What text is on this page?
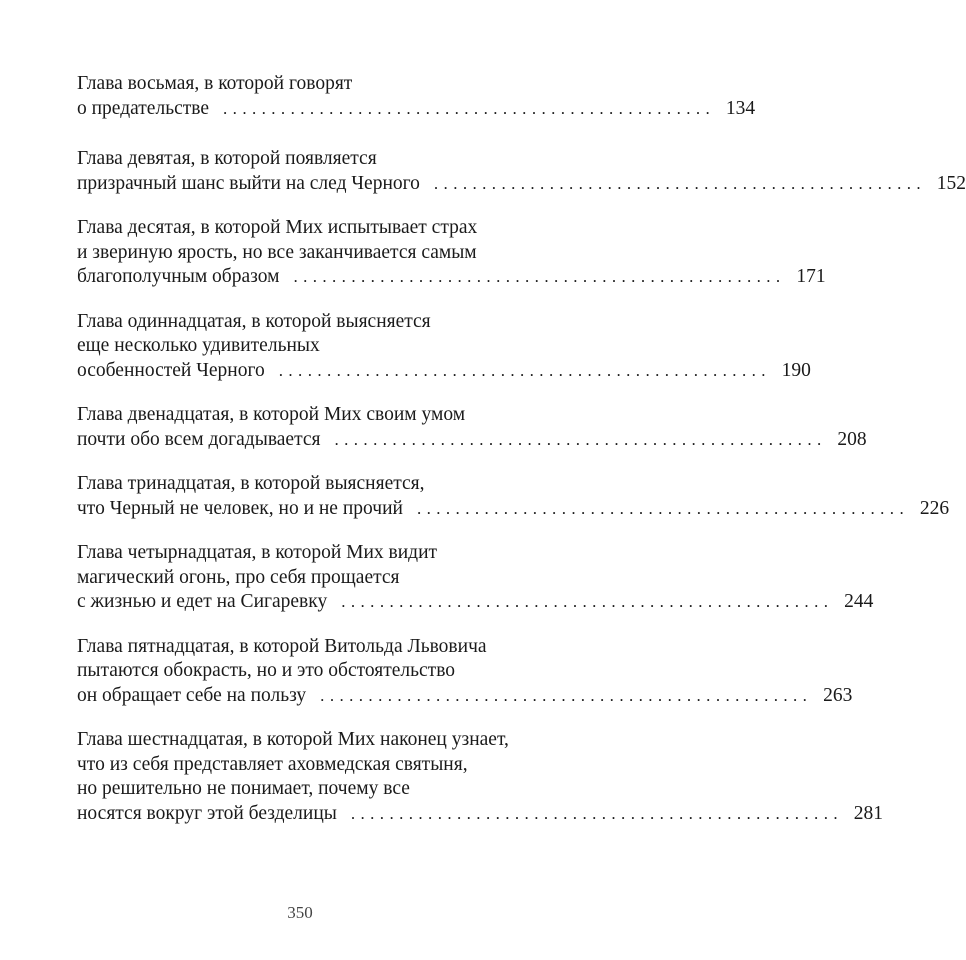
Глава восьмая, в которой говорят
о предательстве ................................................... 134
Глава девятая, в которой появляется
призрачный шанс выйти на след Черного ................................................... 152
Глава десятая, в которой Мих испытывает страх
и звериную ярость, но все заканчивается самым
благополучным образом ................................................... 171
Глава одиннадцатая, в которой выясняется
еще несколько удивительных
особенностей Черного ................................................... 190
Глава двенадцатая, в которой Мих своим умом
почти обо всем догадывается ................................................... 208
Глава тринадцатая, в которой выясняется,
что Черный не человек, но и не прочий ................................................... 226
Глава четырнадцатая, в которой Мих видит
магический огонь, про себя прощается
с жизнью и едет на Сигаревку ................................................... 244
Глава пятнадцатая, в которой Витольда Львовича
пытаются обокрасть, но и это обстоятельство
он обращает себе на пользу ................................................... 263
Глава шестнадцатая, в которой Мих наконец узнает,
что из себя представляет аховмедская святыня,
но решительно не понимает, почему все
носятся вокруг этой безделицы ................................................... 281
350
